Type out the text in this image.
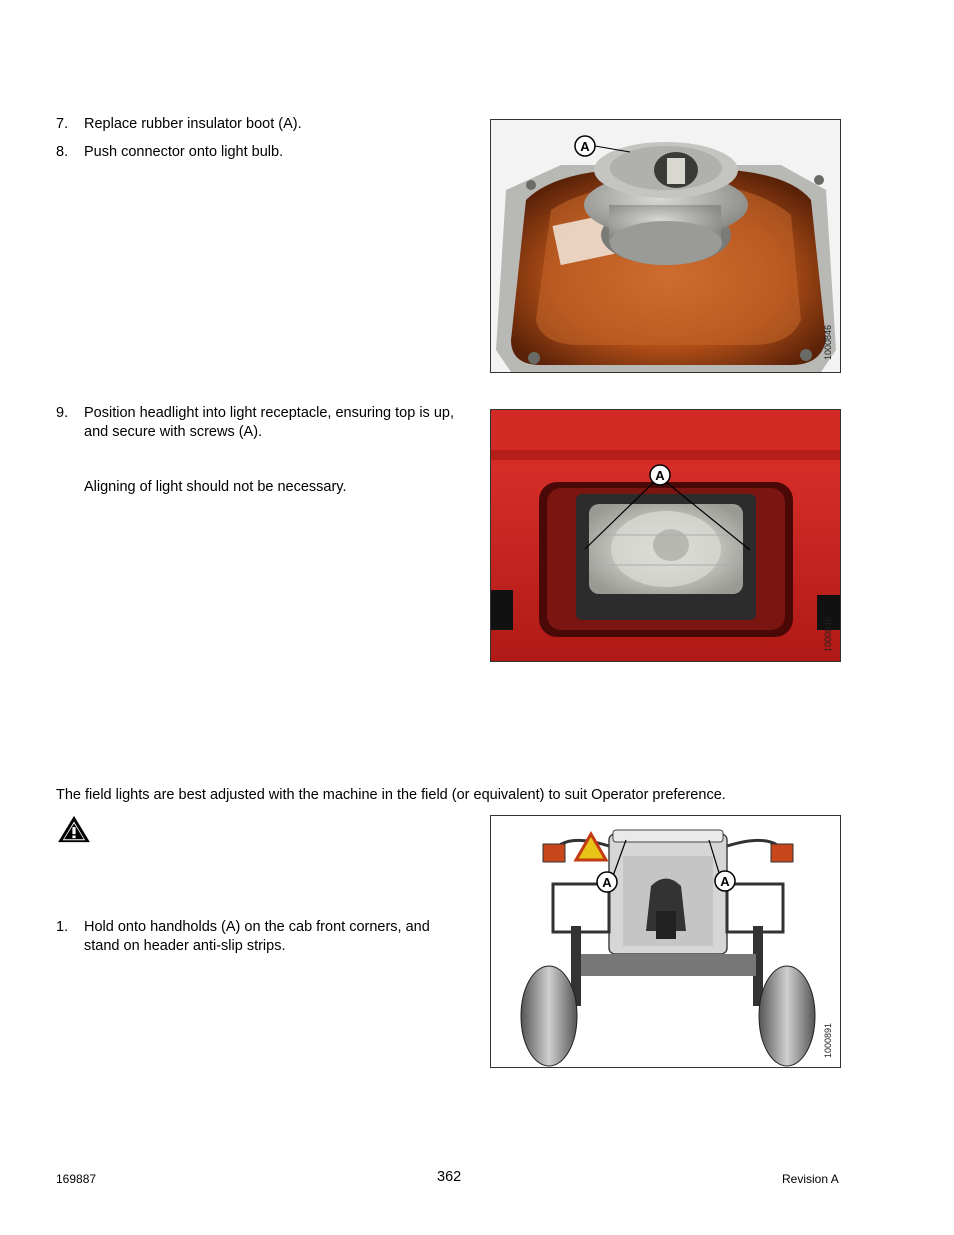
7. Replace rubber insulator boot (A).
8. Push connector onto light bulb.	A
1000846
9. Position headlight into light receptacle, ensuring top is up, and secure with screws (A).
Aligning of light should not be necessary.
A
1000845
The field lights are best adjusted with the machine in the field (or equivalent) to suit Operator preference.
1. Hold onto handholds (A) on the cab front corners, and stand on header anti-slip strips.
A	A
1000891
169887	362	Revision A
